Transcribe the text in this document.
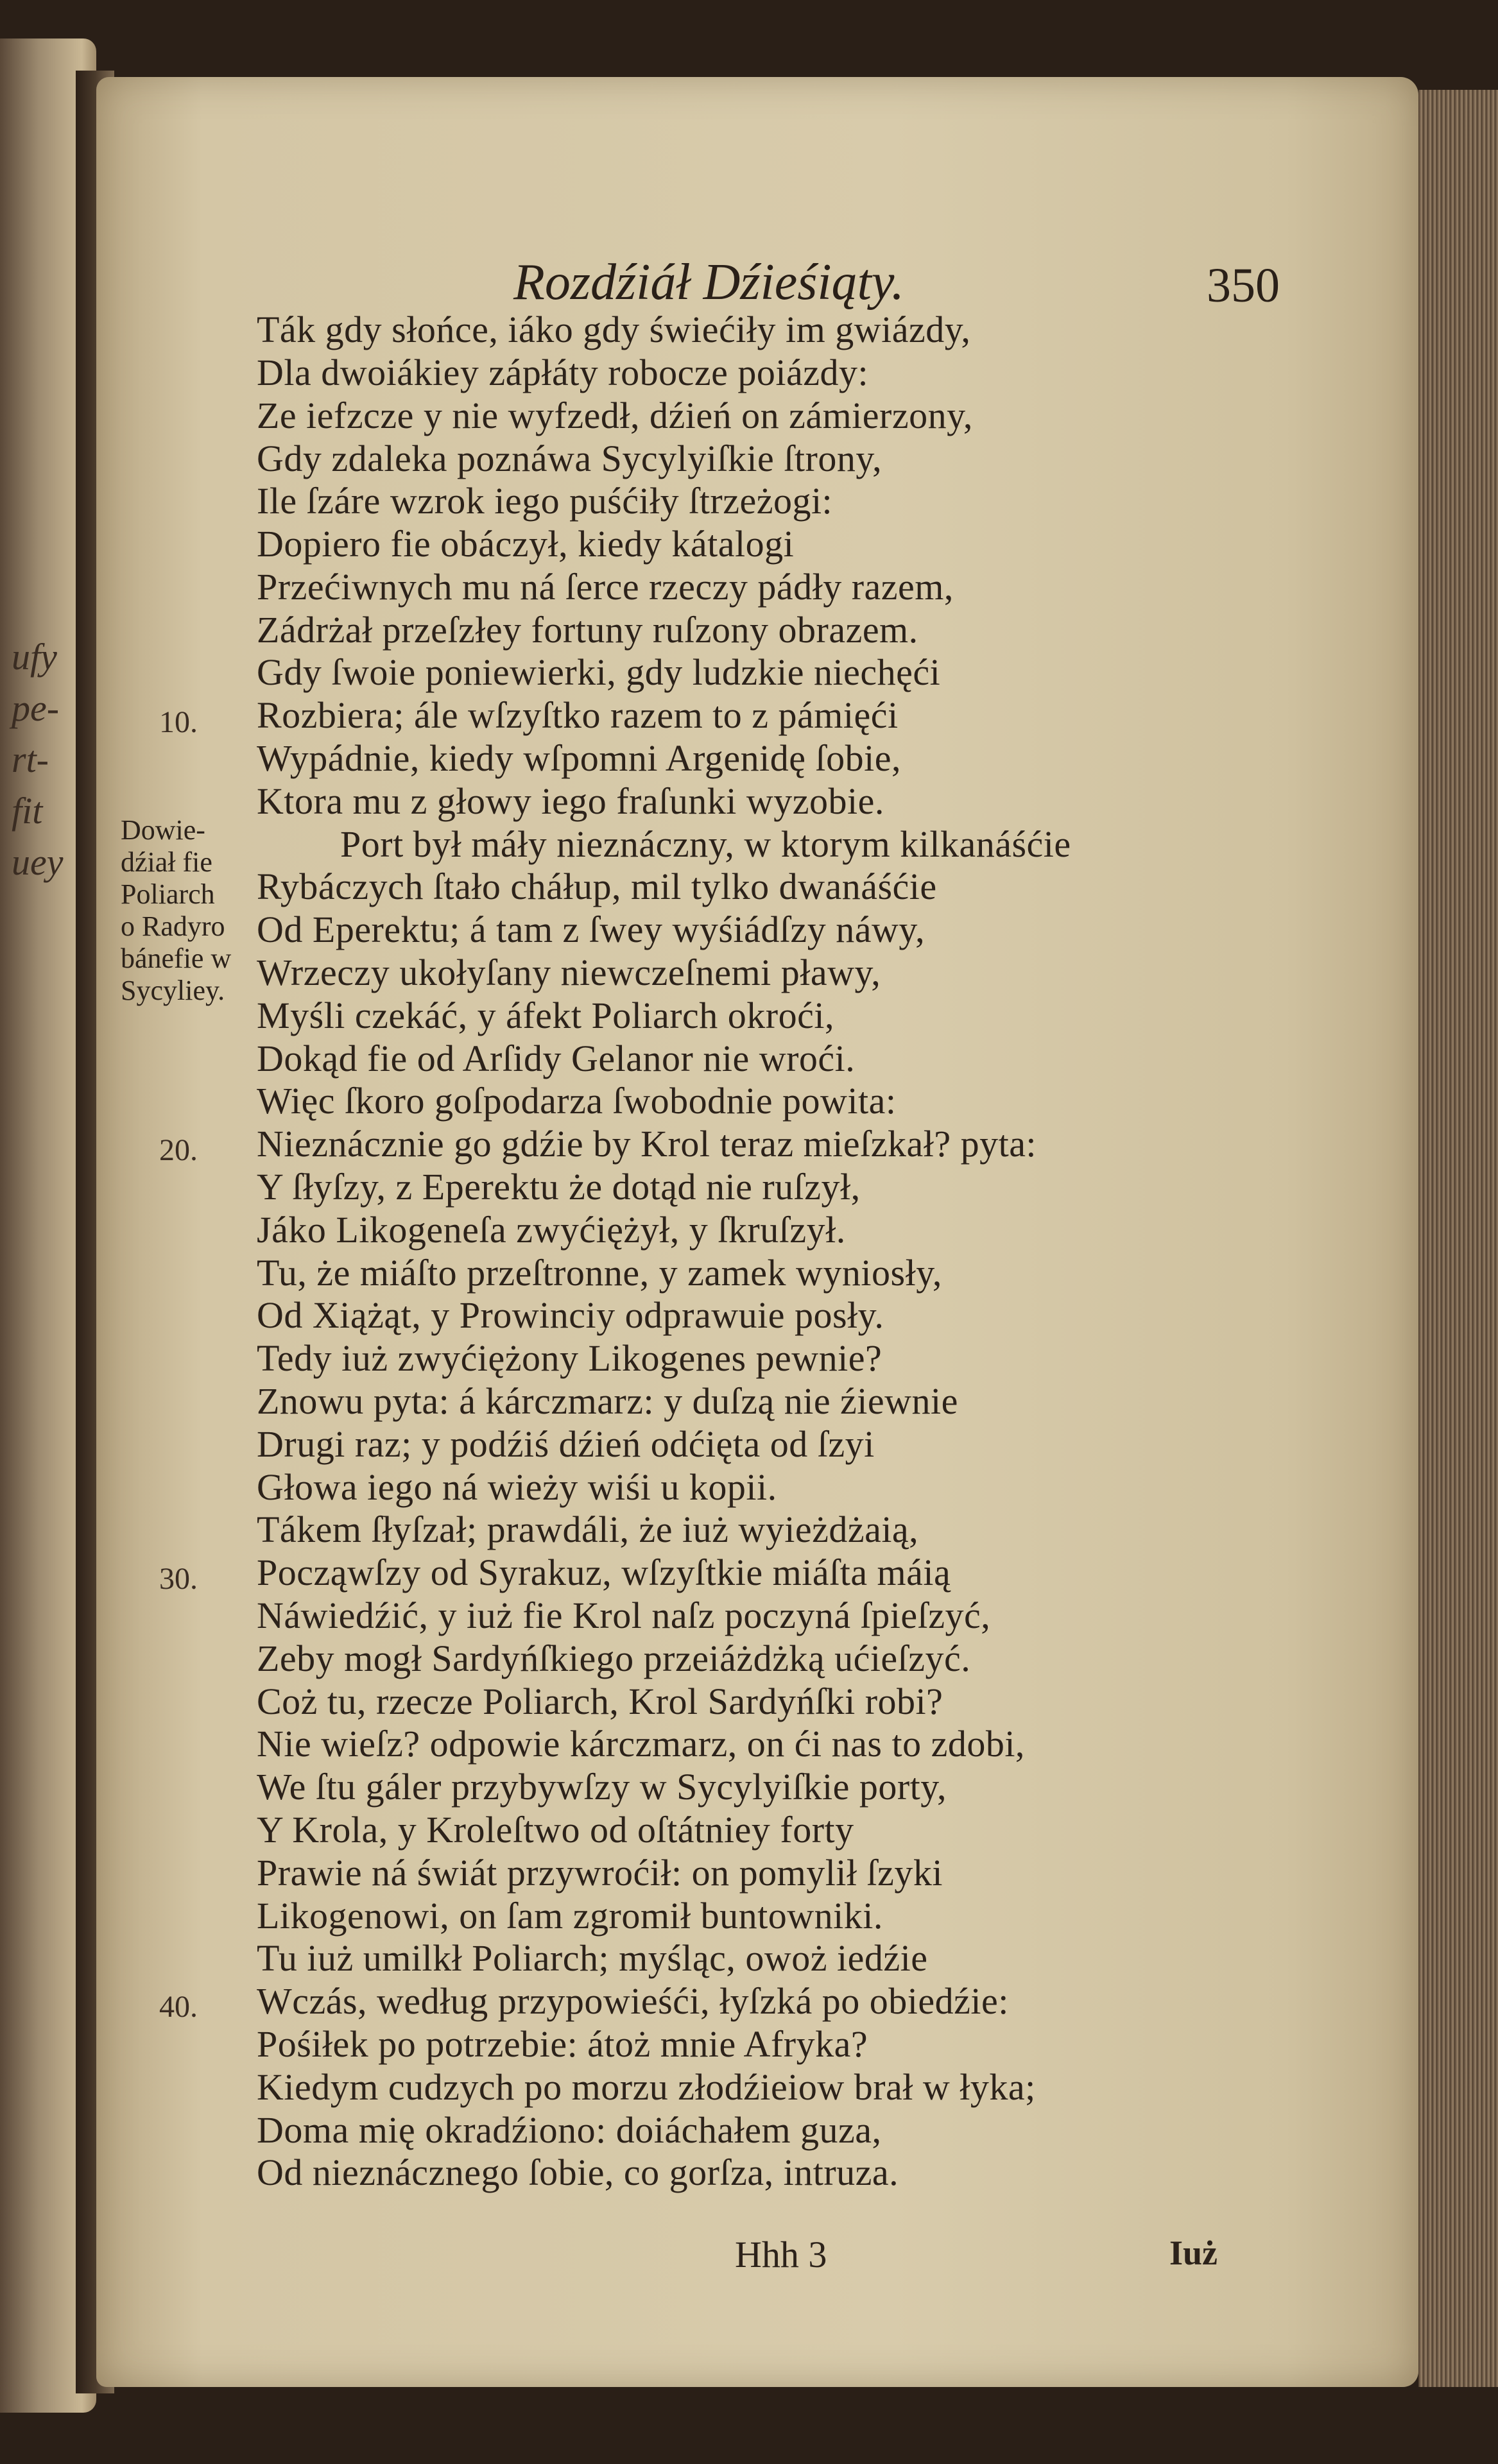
ufy
pe-
rt-
fit
uey
Rozdźiáł Dźieśiąty.	350
10.
20.
30.
40.
Dowie-
dźiał fie
Poliarch
o Radyro
bánefie w
Sycyliey.
Ták gdy słońce, iáko gdy świećiły im gwiázdy,
Dla dwoiákiey zápłáty robocze poiázdy:
Ze iefzcze y nie wyfzedł, dźień on zámierzony,
Gdy zdaleka poznáwa Sycylyiſkie ſtrony,
Ile ſzáre wzrok iego puśćiły ſtrzeżogi:
Dopiero fie obáczył, kiedy kátalogi
Przećiwnych mu ná ſerce rzeczy pádły razem,
Zádrżał przeſzłey fortuny ruſzony obrazem.
Gdy ſwoie poniewierki, gdy ludzkie niechęći
Rozbiera; ále wſzyſtko razem to z pámięći
Wypádnie, kiedy wſpomni Argenidę ſobie,
Ktora mu z głowy iego fraſunki wyzobie.
Port był máły nieznáczny, w ktorym kilkanáśćie
Rybáczych ſtało cháłup, mil tylko dwanáśćie
Od Eperektu; á tam z ſwey wyśiádſzy náwy,
Wrzeczy ukołyſany niewczeſnemi pławy,
Myśli czekáć, y áfekt Poliarch okroći,
Dokąd fie od Arſidy Gelanor nie wroći.
Więc ſkoro goſpodarza ſwobodnie powita:
Nieznácznie go gdźie by Krol teraz mieſzkał? pyta:
Y ſłyſzy, z Eperektu że dotąd nie ruſzył,
Jáko Likogeneſa zwyćiężył, y ſkruſzył.
Tu, że miáſto przeſtronne, y zamek wyniosły,
Od Xiążąt, y Prowinciy odprawuie posły.
Tedy iuż zwyćiężony Likogenes pewnie?
Znowu pyta: á kárczmarz: y duſzą nie źiewnie
Drugi raz; y podźiś dźień odćięta od ſzyi
Głowa iego ná wieży wiśi u kopii.
Tákem ſłyſzał; prawdáli, że iuż wyieżdżaią,
Począwſzy od Syrakuz, wſzyſtkie miáſta máią
Náwiedźić, y iuż fie Krol naſz poczyná ſpieſzyć,
Zeby mogł Sardyńſkiego przeiáżdżką ućieſzyć.
Coż tu, rzecze Poliarch, Krol Sardyńſki robi?
Nie wieſz? odpowie kárczmarz, on ći nas to zdobi,
We ſtu gáler przybywſzy w Sycylyiſkie porty,
Y Krola, y Kroleſtwo od oſtátniey forty
Prawie ná świát przywroćił: on pomylił ſzyki
Likogenowi, on ſam zgromił buntowniki.
Tu iuż umilkł Poliarch; myśląc, owoż iedźie
Wczás, według przypowieśći, łyſzká po obiedźie:
Pośiłek po potrzebie: átoż mnie Afryka?
Kiedym cudzych po morzu złodźieiow brał w łyka;
Doma mię okradźiono: doiáchałem guza,
Od nieznácznego ſobie, co gorſza, intruza.
Hhh 3	Iuż
